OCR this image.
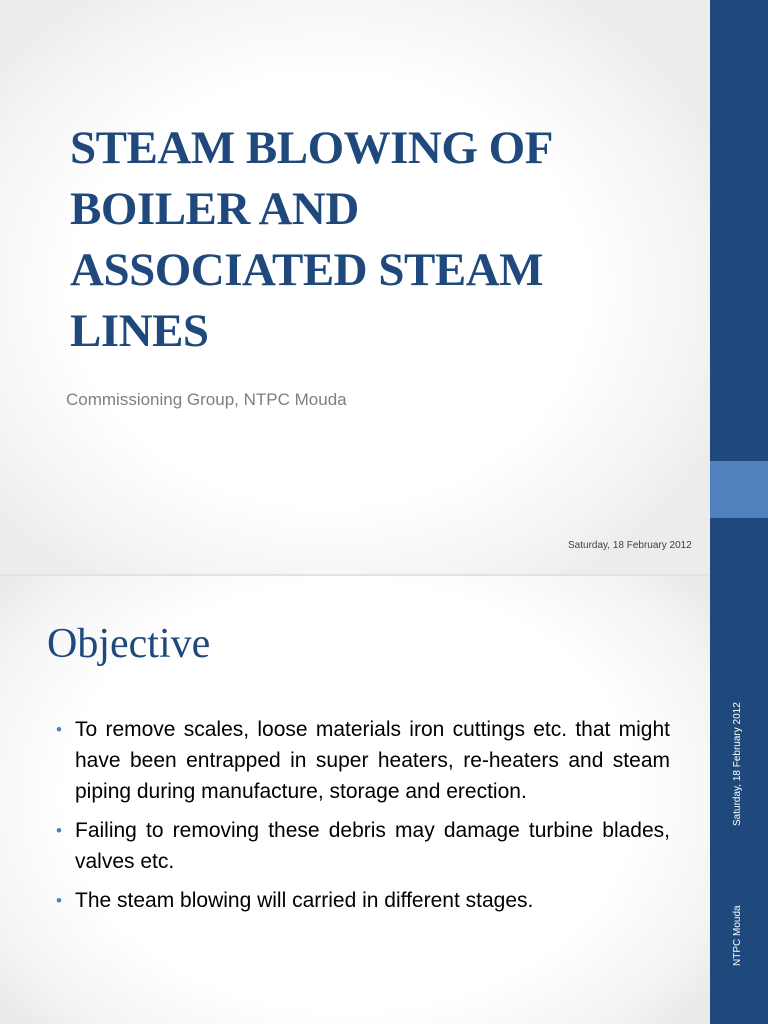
STEAM BLOWING OF BOILER AND ASSOCIATED STEAM LINES
Commissioning Group, NTPC Mouda
Saturday, 18 February 2012
Objective
• To remove scales, loose materials iron cuttings etc. that might have been entrapped in super heaters, re-heaters and steam piping during manufacture, storage and erection.
• Failing to removing these debris may damage turbine blades, valves etc.
• The steam blowing will carried in different stages.
Saturday, 18 February 2012
NTPC Mouda
